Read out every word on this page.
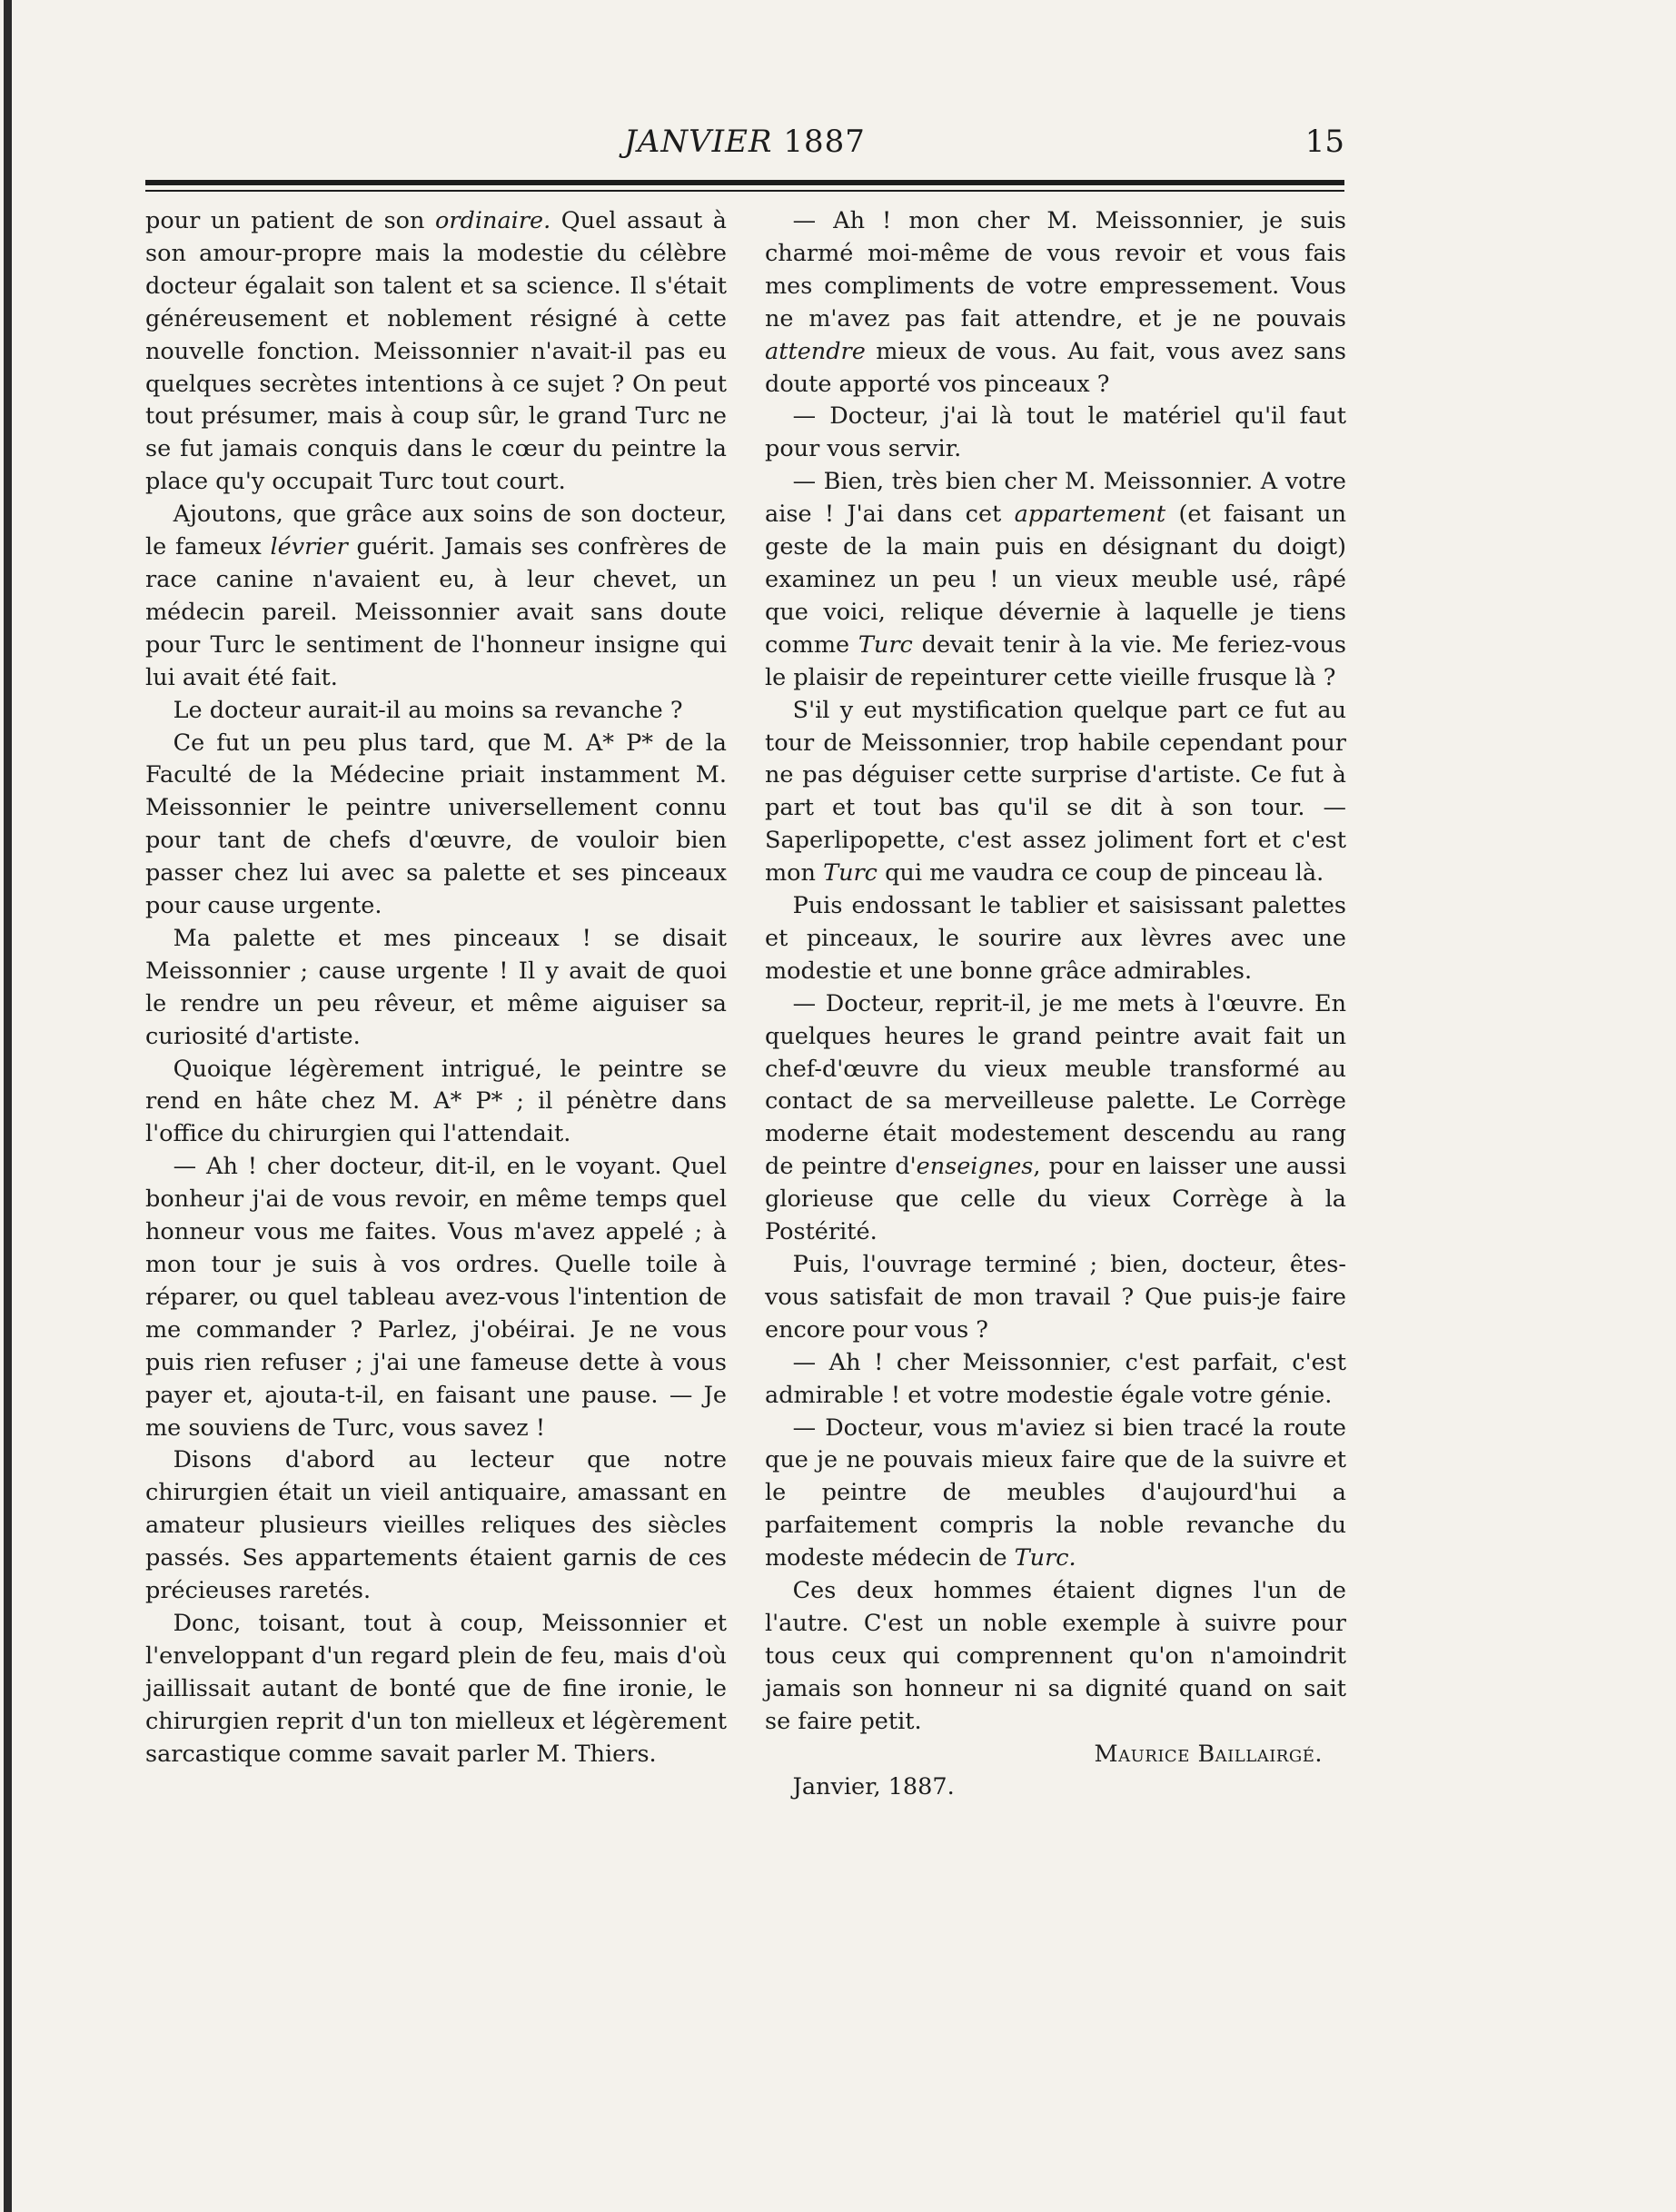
JANVIER 1887	15

pour un patient de son ordinaire. Quel assaut à son amour-propre mais la modestie du célèbre docteur égalait son talent et sa science. Il s'était généreusement et noblement résigné à cette nouvelle fonction. Meissonnier n'avait-il pas eu quelques secrètes intentions à ce sujet ? On peut tout présumer, mais à coup sûr, le grand Turc ne se fut jamais conquis dans le cœur du peintre la place qu'y occupait Turc tout court.

Ajoutons, que grâce aux soins de son docteur, le fameux lévrier guérit. Jamais ses confrères de race canine n'avaient eu, à leur chevet, un médecin pareil. Meissonnier avait sans doute pour Turc le sentiment de l'honneur insigne qui lui avait été fait.

Le docteur aurait-il au moins sa revanche ?

Ce fut un peu plus tard, que M. A* P* de la Faculté de la Médecine priait instamment M. Meissonnier le peintre universellement connu pour tant de chefs d'œuvre, de vouloir bien passer chez lui avec sa palette et ses pinceaux pour cause urgente.

Ma palette et mes pinceaux ! se disait Meissonnier ; cause urgente ! Il y avait de quoi le rendre un peu rêveur, et même aiguiser sa curiosité d'artiste.

Quoique légèrement intrigué, le peintre se rend en hâte chez M. A* P* ; il pénètre dans l'office du chirurgien qui l'attendait.

— Ah ! cher docteur, dit-il, en le voyant. Quel bonheur j'ai de vous revoir, en même temps quel honneur vous me faites. Vous m'avez appelé ; à mon tour je suis à vos ordres. Quelle toile à réparer, ou quel tableau avez-vous l'intention de me commander ? Parlez, j'obéirai. Je ne vous puis rien refuser ; j'ai une fameuse dette à vous payer et, ajouta-t-il, en faisant une pause. — Je me souviens de Turc, vous savez !

Disons d'abord au lecteur que notre chirurgien était un vieil antiquaire, amassant en amateur plusieurs vieilles reliques des siècles passés. Ses appartements étaient garnis de ces précieuses raretés.

Donc, toisant, tout à coup, Meissonnier et l'enveloppant d'un regard plein de feu, mais d'où jaillissait autant de bonté que de fine ironie, le chirurgien reprit d'un ton mielleux et légèrement sarcastique comme savait parler M. Thiers.

— Ah ! mon cher M. Meissonnier, je suis charmé moi-même de vous revoir et vous fais mes compliments de votre empressement. Vous ne m'avez pas fait attendre, et je ne pouvais attendre mieux de vous. Au fait, vous avez sans doute apporté vos pinceaux ?

— Docteur, j'ai là tout le matériel qu'il faut pour vous servir.

— Bien, très bien cher M. Meissonnier. A votre aise ! J'ai dans cet appartement (et faisant un geste de la main puis en désignant du doigt) examinez un peu ! un vieux meuble usé, râpé que voici, relique dévernie à laquelle je tiens comme Turc devait tenir à la vie. Me feriez-vous le plaisir de repeinturer cette vieille frusque là ?

S'il y eut mystification quelque part ce fut au tour de Meissonnier, trop habile cependant pour ne pas déguiser cette surprise d'artiste. Ce fut à part et tout bas qu'il se dit à son tour. — Saperlipopette, c'est assez joliment fort et c'est mon Turc qui me vaudra ce coup de pinceau là.

Puis endossant le tablier et saisissant palettes et pinceaux, le sourire aux lèvres avec une modestie et une bonne grâce admirables.

— Docteur, reprit-il, je me mets à l'œuvre. En quelques heures le grand peintre avait fait un chef-d'œuvre du vieux meuble transformé au contact de sa merveilleuse palette. Le Corrège moderne était modestement descendu au rang de peintre d'enseignes, pour en laisser une aussi glorieuse que celle du vieux Corrège à la Postérité.

Puis, l'ouvrage terminé ; bien, docteur, êtes-vous satisfait de mon travail ? Que puis-je faire encore pour vous ?

— Ah ! cher Meissonnier, c'est parfait, c'est admirable ! et votre modestie égale votre génie.

— Docteur, vous m'aviez si bien tracé la route que je ne pouvais mieux faire que de la suivre et le peintre de meubles d'aujourd'hui a parfaitement compris la noble revanche du modeste médecin de Turc.

Ces deux hommes étaient dignes l'un de l'autre. C'est un noble exemple à suivre pour tous ceux qui comprennent qu'on n'amoindrit jamais son honneur ni sa dignité quand on sait se faire petit.

Maurice Baillairgé.

Janvier, 1887.
